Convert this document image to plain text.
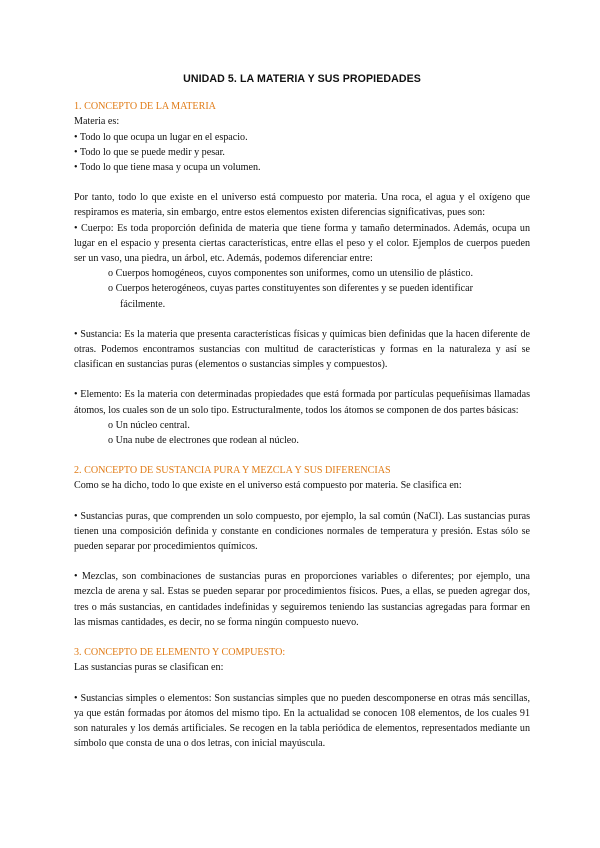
UNIDAD 5. LA MATERIA Y SUS PROPIEDADES

1. CONCEPTO DE LA MATERIA

Materia es:

• Todo lo que ocupa un lugar en el espacio.

• Todo lo que se puede medir y pesar.

• Todo lo que tiene masa y ocupa un volumen.

Por tanto, todo lo que existe en el universo está compuesto por materia. Una roca, el agua y el oxígeno que respiramos es materia, sin embargo, entre estos elementos existen diferencias significativas, pues son:

• Cuerpo: Es toda proporción definida de materia que tiene forma y tamaño determinados. Además, ocupa un lugar en el espacio y presenta ciertas características, entre ellas el peso y el color. Ejemplos de cuerpos pueden ser un vaso, una piedra, un árbol, etc. Además, podemos diferenciar entre:

o Cuerpos homogéneos, cuyos componentes son uniformes, como un utensilio de plástico.

o Cuerpos heterogéneos, cuyas partes constituyentes son diferentes y se pueden identificar

fácilmente.

• Sustancia: Es la materia que presenta características físicas y químicas bien definidas que la hacen diferente de otras. Podemos encontramos sustancias con multitud de características y formas en la naturaleza y así se clasifican en sustancias puras (elementos o sustancias simples y compuestos).

• Elemento: Es la materia con determinadas propiedades que está formada por partículas pequeñísimas llamadas átomos, los cuales son de un solo tipo. Estructuralmente, todos los átomos se componen de dos partes básicas:

o Un núcleo central.

o Una nube de electrones que rodean al núcleo.

2. CONCEPTO DE SUSTANCIA PURA Y MEZCLA Y SUS DIFERENCIAS

Como se ha dicho, todo lo que existe en el universo está compuesto por materia. Se clasifica en:

• Sustancias puras, que comprenden un solo compuesto, por ejemplo, la sal común (NaCl). Las sustancias puras tienen una composición definida y constante en condiciones normales de temperatura y presión. Estas sólo se pueden separar por procedimientos químicos.

• Mezclas, son combinaciones de sustancias puras en proporciones variables o diferentes; por ejemplo, una mezcla de arena y sal. Estas se pueden separar por procedimientos físicos. Pues, a ellas, se pueden agregar dos, tres o más sustancias, en cantidades indefinidas y seguiremos teniendo las sustancias agregadas para formar en las mismas cantidades, es decir, no se forma ningún compuesto nuevo.

3. CONCEPTO DE ELEMENTO Y COMPUESTO:

Las sustancias puras se clasifican en:

• Sustancias simples o elementos: Son sustancias simples que no pueden descomponerse en otras más sencillas, ya que están formadas por átomos del mismo tipo. En la actualidad se conocen 108 elementos, de los cuales 91 son naturales y los demás artificiales. Se recogen en la tabla periódica de elementos, representados mediante un símbolo que consta de una o dos letras, con inicial mayúscula.
